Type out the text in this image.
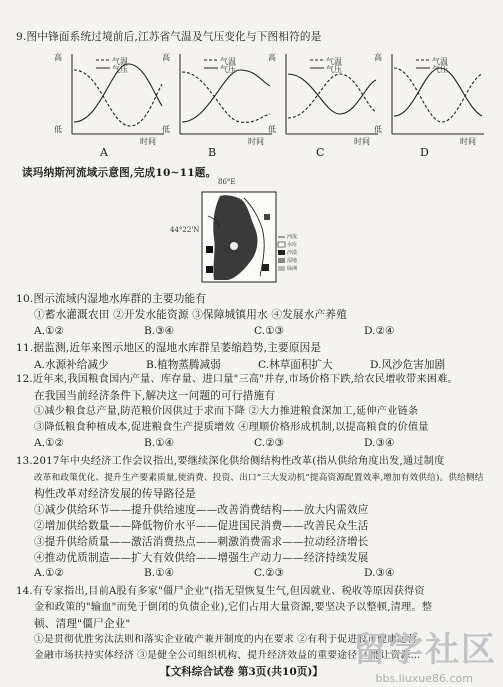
9.图中锋面系统过境前后,江苏省气温及气压变化与下图相符的是
高
低
气温
气压
时间
高
低
气温
气压
时间
高
低
气温
气压
时间
高
低
气温
气压
时间
A	B	C	D
读玛纳斯河流域示意图,完成10~11题。
86°E
44°22'N
河流
水库
沙漠
湿地
绿洲
10.图示流域内湿地水库群的主要功能有
①蓄水灌溉农田 ②开发水能资源 ③保障城镇用水 ④发展水产养殖
A.①②	B.③④	C.①③	D.②④
11.据监测,近年来图示地区的湿地水库群呈萎缩趋势,主要原因是
A.水源补给减少	B.植物蒸腾减弱	C.林草面积扩大	D.风沙危害加剧
12.近年来,我国粮食国内产量、库存量、进口量"三高"并存,市场价格下跌,给农民增收带来困难。
在我国当前经济条件下,解决这一问题的可行措施有
①减少粮食总产量,防范粮价因供过于求而下降 ②大力推进粮食深加工,延伸产业链条
③降低粮食种植成本,促进粮食生产提质增效 ④理顺价格形成机制,以提高粮食的价值量
A.①②	B.①④	C.②③	D.③④
13.2017年中央经济工作会议指出,要继续深化供给侧结构性改革(指从供给角度出发,通过制度
改革和政策优化、提升生产要素质量,使消费、投资、出口“三大发动机”提高资源配置效率,增加有效供给)。供给侧结
构性改革对经济发展的传导路径是
①减少供给环节——提升供给速度——改善消费结构——放大内需效应
②增加供给数量——降低物价水平——促进国民消费——改善民众生活
③提升供给质量——激活消费热点——刺激消费需求——拉动经济增长
④推动优质制造——扩大有效供给——增强生产动力——经济持续发展
A.①②	B.①④	C.②③	D.③④
14.有专家指出,目前A股有多家"僵尸企业"(指无望恢复生气,但因就业、税收等原因获得资
金和政策的"输血"而免于倒闭的负债企业),它们占用大量资源,要坚决予以整顿,清理。整
顿、清理"僵尸企业"
①是贯彻优胜劣汰法则和落实企业破产兼并制度的内在要求 ②有利于促进股市健康运营
金融市场扶持实体经济 ③是健全公司组织机构、提升经济效益的重要途径 ④能让资源…
【文科综合试卷 第3页(共10页)】
留学社区
bbs.liuxue86.com
